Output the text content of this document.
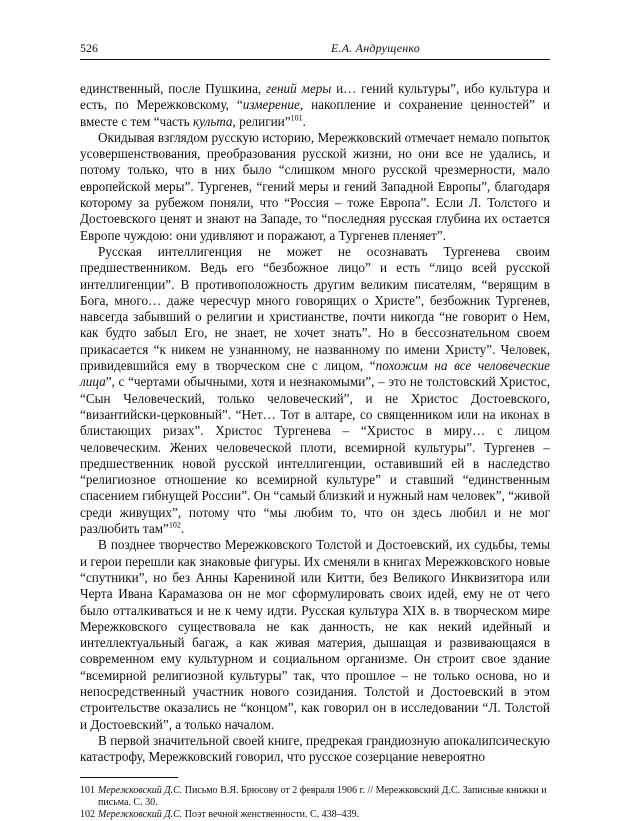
526	Е.А. Андрущенко

единственный, после Пушкина, гений меры и… гений культуры”, ибо культура и есть, по Мережковскому, “измерение, накопление и сохранение ценностей” и вместе с тем “часть культа, религии”$^{101}$.

Окидывая взглядом русскую историю, Мережковский отмечает немало попыток усовершенствования, преобразования русской жизни, но они все не удались, и потому только, что в них было “слишком много русской чрезмерности, мало европейской меры”. Тургенев, “гений меры и гений Западной Европы”, благодаря которому за рубежом поняли, что “Россия – тоже Европа”. Если Л. Толстого и Достоевского ценят и знают на Западе, то “последняя русская глубина их остается Европе чуждою: они удивляют и поражают, а Тургенев пленяет”.

Русская интеллигенция не может не осознавать Тургенева своим предшественником. Ведь его “безбожное лицо” и есть “лицо всей русской интеллигенции”. В противоположность другим великим писателям, “верящим в Бога, много… даже чересчур много говорящих о Христе”, безбожник Тургенев, навсегда забывший о религии и христианстве, почти никогда “не говорит о Нем, как будто забыл Его, не знает, не хочет знать”. Но в бессознательном своем прикасается “к никем не узнанному, не названному по имени Христу”. Человек, привидевшийся ему в творческом сне с лицом, “похожим на все человеческие лица”, с “чертами обычными, хотя и незнакомыми”, – это не толстовский Христос, “Сын Человеческий, только человеческий”, и не Христос Достоевского, “византийски-церковный”. “Нет… Тот в алтаре, со священником или на иконах в блистающих ризах”. Христос Тургенева – “Христос в миру… с лицом человеческим. Жених человеческой плоти, всемирной культуры”. Тургенев – предшественник новой русской интеллигенции, оставивший ей в наследство “религиозное отношение ко всемирной культуре” и ставший “единственным спасением гибнущей России”. Он “самый близкий и нужный нам человек”, “живой среди живущих”, потому что “мы любим то, что он здесь любил и не мог разлюбить там”$^{102}$.

В позднее творчество Мережковского Толстой и Достоевский, их судьбы, темы и герои перешли как знаковые фигуры. Их сменяли в книгах Мережковского новые “спутники”, но без Анны Карениной или Китти, без Великого Инквизитора или Черта Ивана Карамазова он не мог сформулировать своих идей, ему не от чего было отталкиваться и не к чему идти. Русская культура XIX в. в творческом мире Мережковского существовала не как данность, не как некий идейный и интеллектуальный багаж, а как живая материя, дышащая и развивающаяся в современном ему культурном и социальном организме. Он строит свое здание “всемирной религиозной культуры” так, что прошлое – не только основа, но и непосредственный участник нового созидания. Толстой и Достоевский в этом строительстве оказались не “концом”, как говорил он в исследовании “Л. Толстой и Достоевский”, а только началом.

В первой значительной своей книге, предрекая грандиозную апокалипсическую катастрофу, Мережковский говорил, что русское созерцание невероятно

101 Мережковский Д.С. Письмо В.Я. Брюсову от 2 февраля 1906 г. // Мережковский Д.С. Записные книжки и письма. С. 30.

102 Мережковский Д.С. Поэт вечной женственности. С. 438–439.
